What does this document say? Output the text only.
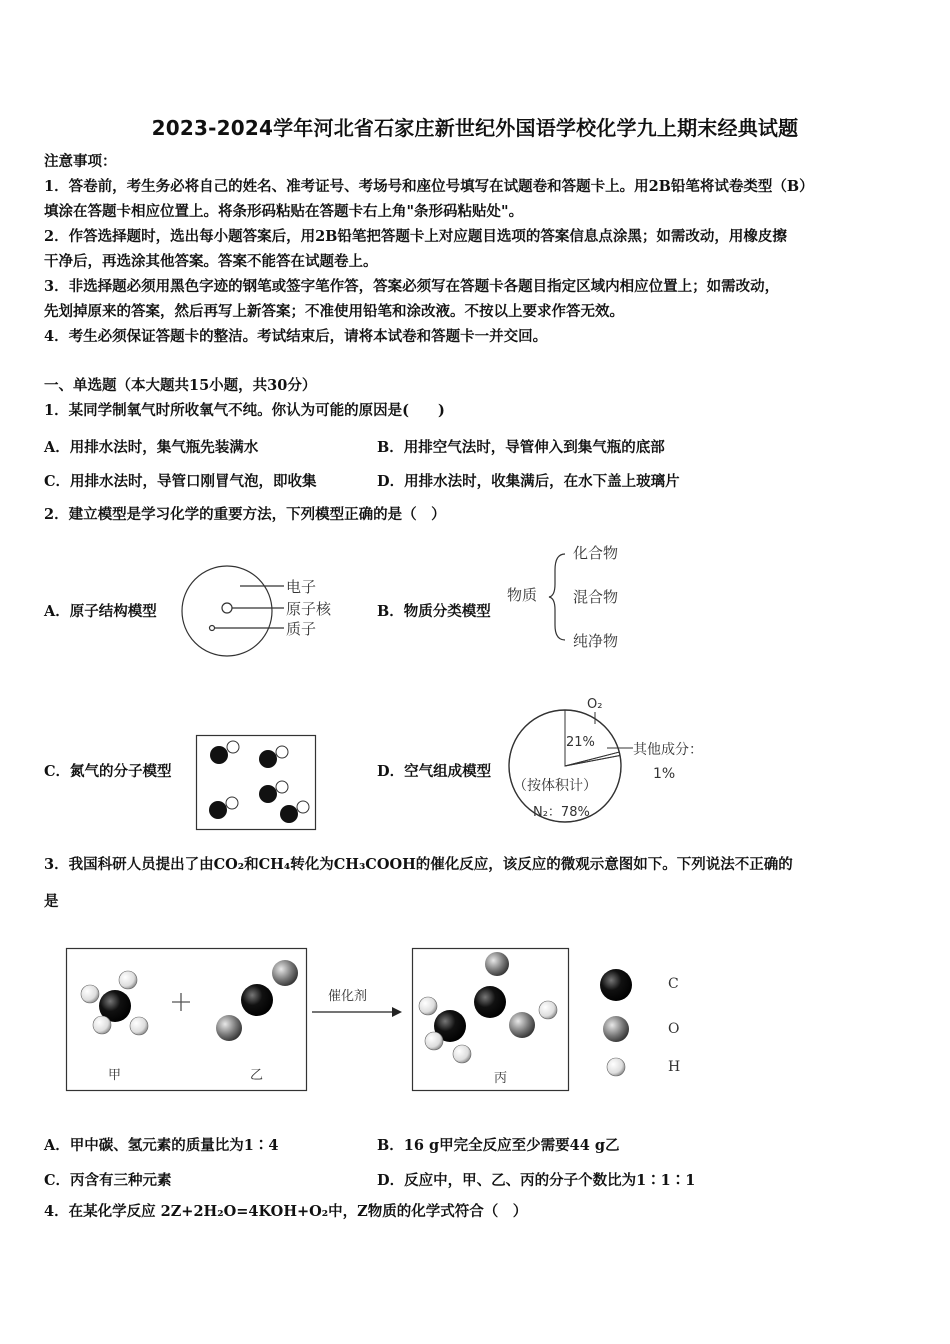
2023-2024学年河北省石家庄新世纪外国语学校化学九上期末经典试题
注意事项：
1．答卷前，考生务必将自己的姓名、准考证号、考场号和座位号填写在试题卷和答题卡上。用2B铅笔将试卷类型（B）
填涂在答题卡相应位置上。将条形码粘贴在答题卡右上角"条形码粘贴处"。
2．作答选择题时，选出每小题答案后，用2B铅笔把答题卡上对应题目选项的答案信息点涂黑；如需改动，用橡皮擦
干净后，再选涂其他答案。答案不能答在试题卷上。
3．非选择题必须用黑色字迹的钢笔或签字笔作答，答案必须写在答题卡各题目指定区域内相应位置上；如需改动，
先划掉原来的答案，然后再写上新答案；不准使用铅笔和涂改液。不按以上要求作答无效。
4．考生必须保证答题卡的整洁。考试结束后，请将本试卷和答题卡一并交回。
一、单选题（本大题共15小题，共30分）
1．某同学制氧气时所收氧气不纯。你认为可能的原因是(　　)
A．用排水法时，集气瓶先装满水	B．用排空气法时，导管伸入到集气瓶的底部
C．用排水法时，导管口刚冒气泡，即收集	D．用排水法时，收集满后，在水下盖上玻璃片
2．建立模型是学习化学的重要方法，下列模型正确的是（　）
A．原子结构模型
电子
原子核
质子
B．物质分类模型
物质
化合物
混合物
纯净物
C．氮气的分子模型	D．空气组成模型
O₂
21%	其他成分：
1%
（按体积计）
N₂：78%
3．我国科研人员提出了由CO₂和CH₄转化为CH₃COOH的催化反应，该反应的微观示意图如下。下列说法不正确的
是
甲	乙
催化剂
丙
C
O
H
A．甲中碳、氢元素的质量比为1∶4	B．16 g甲完全反应至少需要44 g乙
C．丙含有三种元素	D．反应中，甲、乙、丙的分子个数比为1∶1∶1
4．在某化学反应 2Z+2H₂O=4KOH+O₂中，Z物质的化学式符合（　）
